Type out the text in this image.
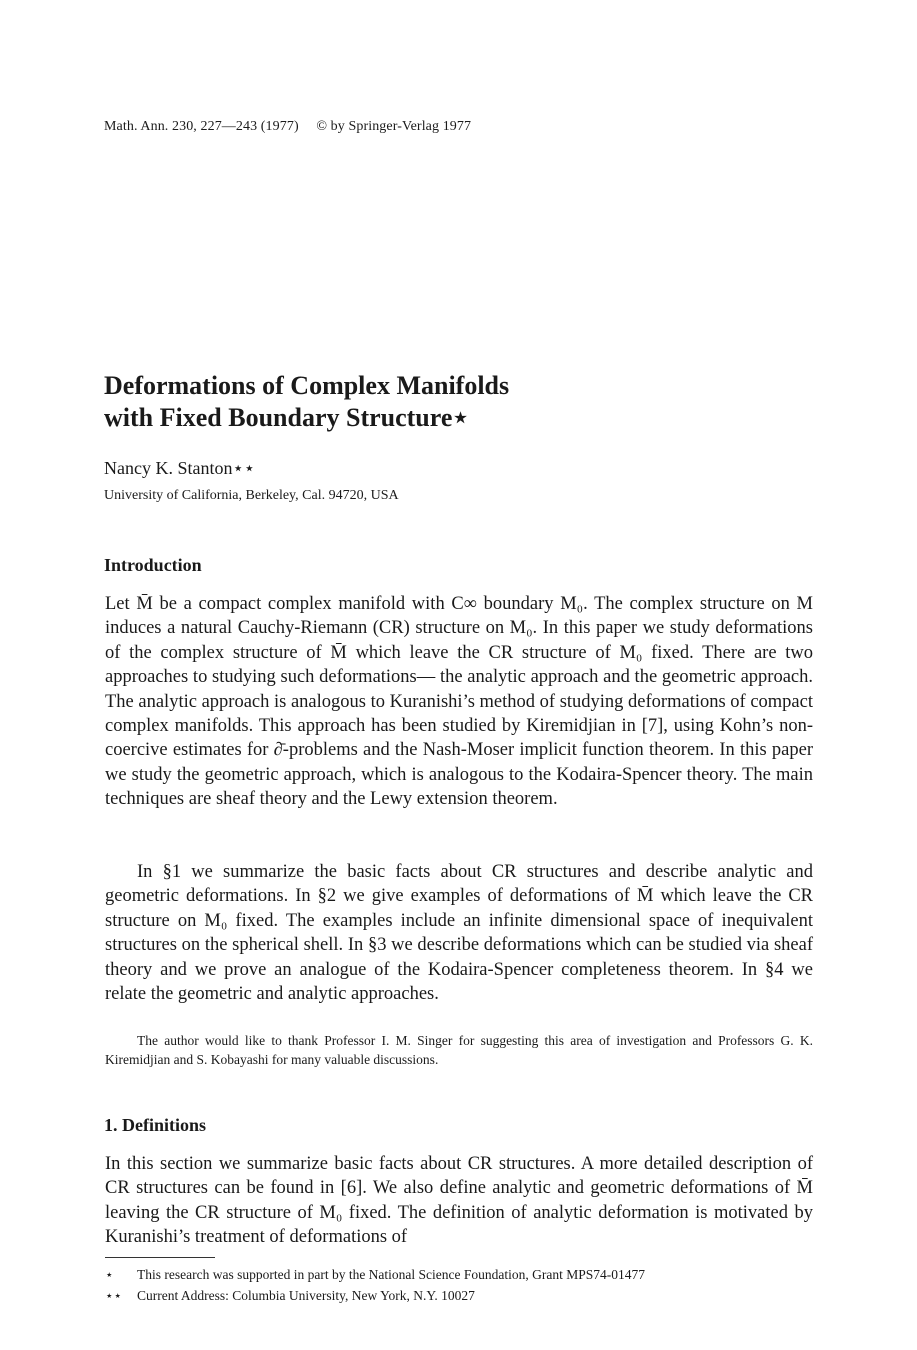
Math. Ann. 230, 227—243 (1977) © by Springer-Verlag 1977
Deformations of Complex Manifolds
with Fixed Boundary Structure⋆
Nancy K. Stanton⋆⋆
University of California, Berkeley, Cal. 94720, USA
Introduction

Let M̄ be a compact complex manifold with C∞ boundary M₀. The complex structure on M induces a natural Cauchy-Riemann (CR) structure on M₀. In this paper we study deformations of the complex structure of M̄ which leave the CR structure of M₀ fixed. There are two approaches to studying such deformations— the analytic approach and the geometric approach. The analytic approach is analogous to Kuranishi’s method of studying deformations of compact complex manifolds. This approach has been studied by Kiremidjian in [7], using Kohn’s non-coercive estimates for ∂̄-problems and the Nash-Moser implicit function theorem. In this paper we study the geometric approach, which is analogous to the Kodaira-Spencer theory. The main techniques are sheaf theory and the Lewy extension theorem.

In §1 we summarize the basic facts about CR structures and describe analytic and geometric deformations. In §2 we give examples of deformations of M̄ which leave the CR structure on M₀ fixed. The examples include an infinite dimensional space of inequivalent structures on the spherical shell. In §3 we describe deformations which can be studied via sheaf theory and we prove an analogue of the Kodaira-Spencer completeness theorem. In §4 we relate the geometric and analytic approaches.

The author would like to thank Professor I. M. Singer for suggesting this area of investigation and Professors G. K. Kiremidjian and S. Kobayashi for many valuable discussions.

1. Definitions

In this section we summarize basic facts about CR structures. A more detailed description of CR structures can be found in [6]. We also define analytic and geometric deformations of M̄ leaving the CR structure of M₀ fixed. The definition of analytic deformation is motivated by Kuranishi’s treatment of deformations of

⋆ This research was supported in part by the National Science Foundation, Grant MPS74-01477
⋆⋆ Current Address: Columbia University, New York, N.Y. 10027
